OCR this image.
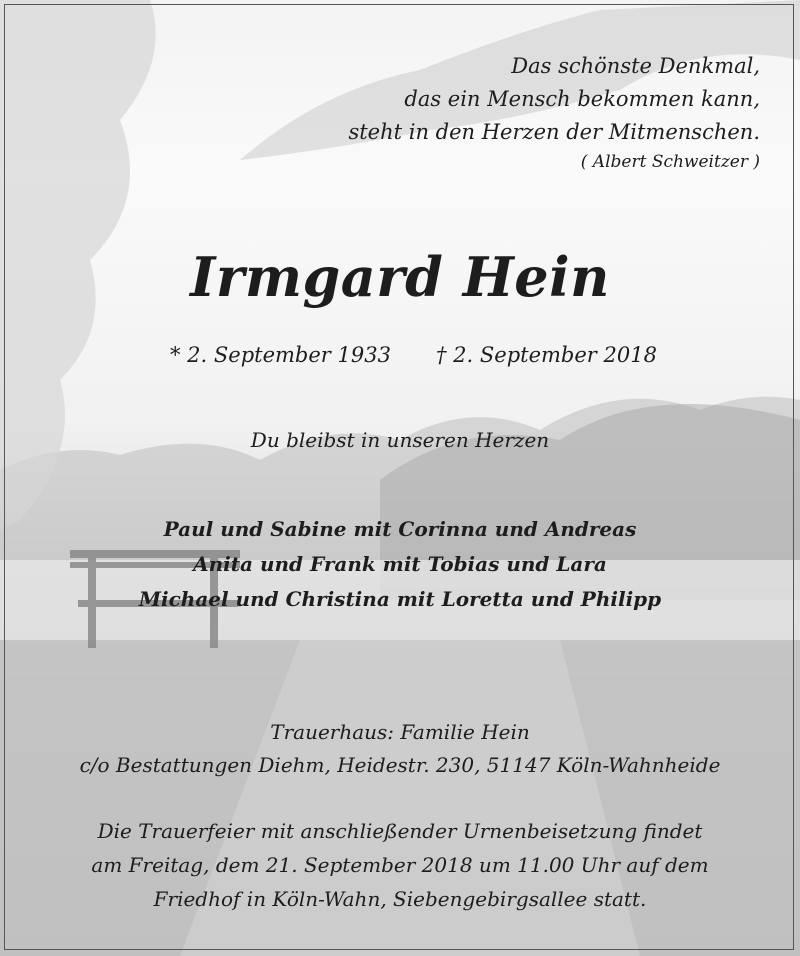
Das schönste Denkmal,
das ein Mensch bekommen kann,
steht in den Herzen der Mitmenschen.
( Albert Schweitzer )
Irmgard Hein
* 2. September 1933 † 2. September 2018
Du bleibst in unseren Herzen
Paul und Sabine mit Corinna und Andreas
Anita und Frank mit Tobias und Lara
Michael und Christina mit Loretta und Philipp
Trauerhaus: Familie Hein
c/o Bestattungen Diehm, Heidestr. 230, 51147 Köln-Wahnheide
Die Trauerfeier mit anschließender Urnenbeisetzung findet
am Freitag, dem 21. September 2018 um 11.00 Uhr auf dem
Friedhof in Köln-Wahn, Siebengebirgsallee statt.
